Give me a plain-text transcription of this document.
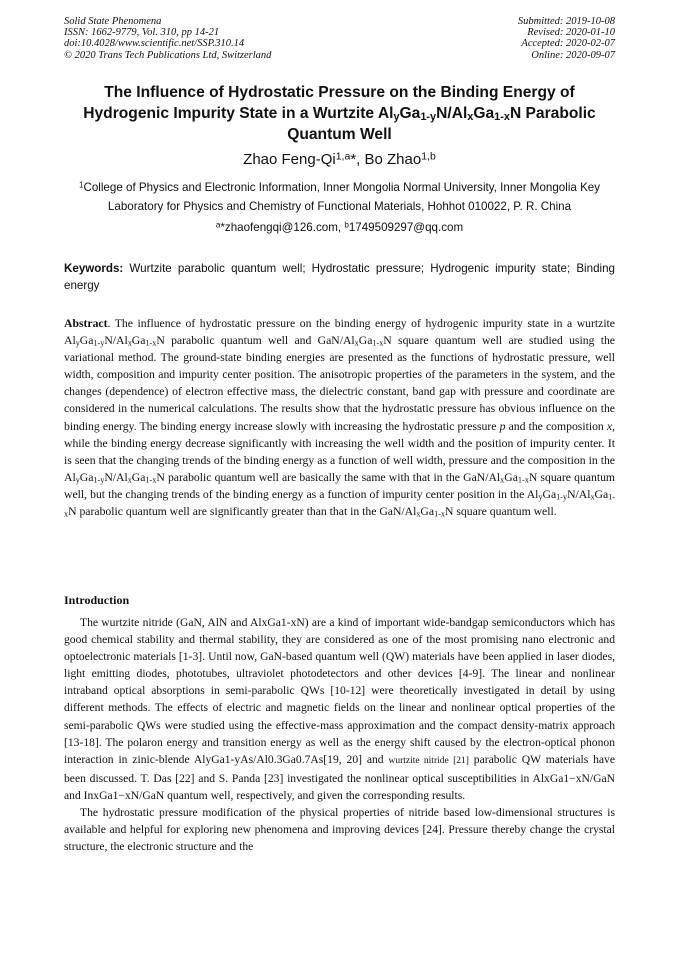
Solid State Phenomena
ISSN: 1662-9779, Vol. 310, pp 14-21
doi:10.4028/www.scientific.net/SSP.310.14
© 2020 Trans Tech Publications Ltd, Switzerland
Submitted: 2019-10-08
Revised: 2020-01-10
Accepted: 2020-02-07
Online: 2020-09-07
The Influence of Hydrostatic Pressure on the Binding Energy of
Hydrogenic Impurity State in a Wurtzite $Al_yGa_{1-y}N/Al_xGa_{1-x}N$ Parabolic
Quantum Well
Zhao Feng-Qi$^{1,a}$*, Bo Zhao$^{1,b}$
$^1$College of Physics and Electronic Information, Inner Mongolia Normal University, Inner Mongolia Key Laboratory for Physics and Chemistry of Functional Materials, Hohhot 010022, P. R. China
$^a$*zhaofengqi@126.com, $^b$1749509297@qq.com
Keywords: Wurtzite parabolic quantum well; Hydrostatic pressure; Hydrogenic impurity state; Binding energy
Abstract. The influence of hydrostatic pressure on the binding energy of hydrogenic impurity state in a wurtzite $Al_yGa_{1-y}N/Al_xGa_{1-x}N$ parabolic quantum well and GaN/$Al_xGa_{1-x}N$ square quantum well are studied using the variational method. The ground-state binding energies are presented as the functions of hydrostatic pressure, well width, composition and impurity center position. The anisotropic properties of the parameters in the system, and the changes (dependence) of electron effective mass, the dielectric constant, band gap with pressure and coordinate are considered in the numerical calculations. The results show that the hydrostatic pressure has obvious influence on the binding energy. The binding energy increase slowly with increasing the hydrostatic pressure p and the composition x, while the binding energy decrease significantly with increasing the well width and the position of impurity center. It is seen that the changing trends of the binding energy as a function of well width, pressure and the composition in the $Al_yGa_{1-y}N/Al_xGa_{1-x}N$ parabolic quantum well are basically the same with that in the GaN/$Al_xGa_{1-x}N$ square quantum well, but the changing trends of the binding energy as a function of impurity center position in the $Al_yGa_{1-y}N/Al_xGa_{1-x}N$ parabolic quantum well are significantly greater than that in the GaN/$Al_xGa_{1-x}N$ square quantum well.
Introduction

The wurtzite nitride (GaN, AlN and AlxGa1-xN) are a kind of important wide-bandgap semiconductors which has good chemical stability and thermal stability, they are considered as one of the most promising nano electronic and optoelectronic materials [1-3]. Until now, GaN-based quantum well (QW) materials have been applied in laser diodes, light emitting diodes, phototubes, ultraviolet photodetectors and other devices [4-9]. The linear and nonlinear intraband optical absorptions in semi-parabolic QWs [10-12] were theoretically investigated in detail by using different methods. The effects of electric and magnetic fields on the linear and nonlinear optical properties of the semi-parabolic QWs were studied using the effective-mass approximation and the compact density-matrix approach [13-18]. The polaron energy and transition energy as well as the energy shift caused by the electron-optical phonon interaction in zinic-blende AlyGa1-yAs/Al0.3Ga0.7As[19, 20] and wurtzite nitride [21] parabolic QW materials have been discussed. T. Das [22] and S. Panda [23] investigated the nonlinear optical susceptibilities in AlxGa1−xN/GaN and InxGa1−xN/GaN quantum well, respectively, and given the corresponding results.

The hydrostatic pressure modification of the physical properties of nitride based low-dimensional structures is available and helpful for exploring new phenomena and improving devices [24]. Pressure thereby change the crystal structure, the electronic structure and the
